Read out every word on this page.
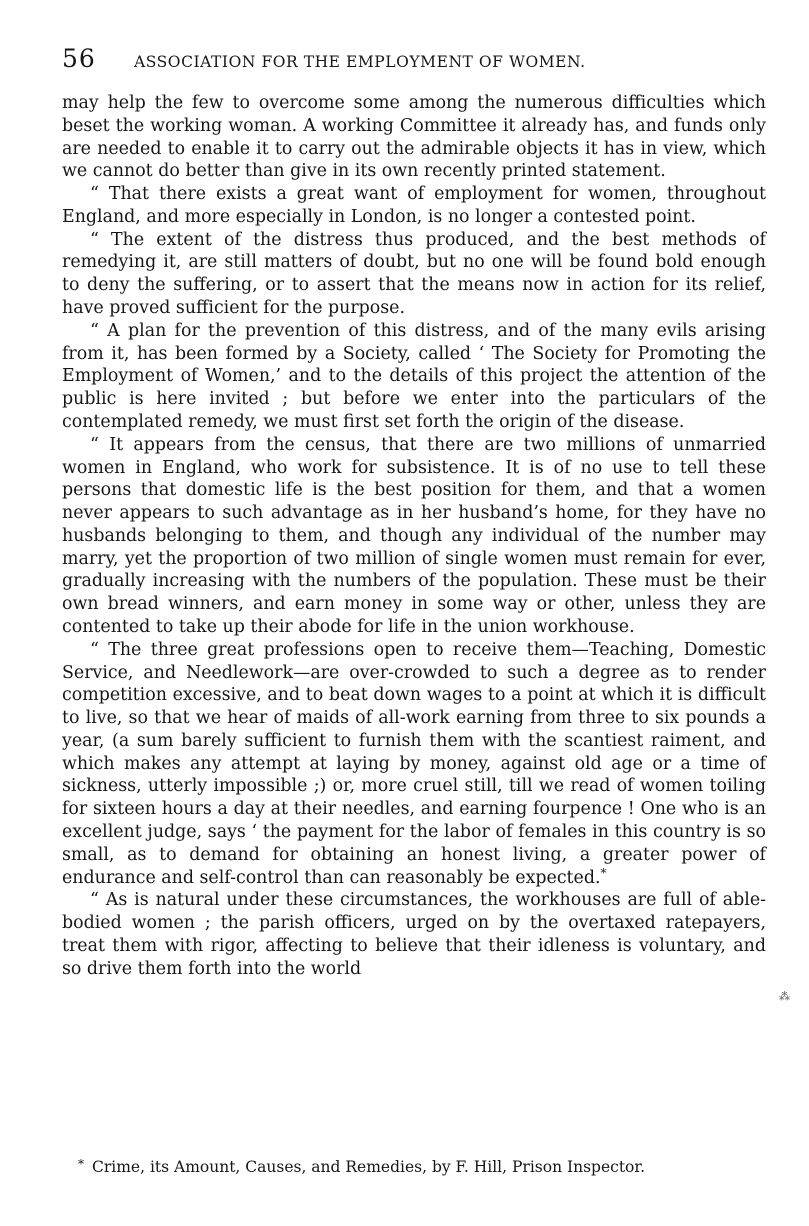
56 ASSOCIATION FOR THE EMPLOYMENT OF WOMEN.

may help the few to overcome some among the numerous difficulties which beset the working woman. A working Committee it already has, and funds only are needed to enable it to carry out the admirable objects it has in view, which we cannot do better than give in its own recently printed statement.

“ That there exists a great want of employment for women, throughout England, and more especially in London, is no longer a contested point.

“ The extent of the distress thus produced, and the best methods of remedying it, are still matters of doubt, but no one will be found bold enough to deny the suffering, or to assert that the means now in action for its relief, have proved sufficient for the purpose.

“ A plan for the prevention of this distress, and of the many evils arising from it, has been formed by a Society, called ‘ The Society for Promoting the Employment of Women,’ and to the details of this project the attention of the public is here invited ; but before we enter into the particulars of the contemplated remedy, we must first set forth the origin of the disease.

“ It appears from the census, that there are two millions of unmarried women in England, who work for subsistence. It is of no use to tell these persons that domestic life is the best position for them, and that a women never appears to such advantage as in her husband’s home, for they have no husbands belonging to them, and though any individual of the number may marry, yet the proportion of two million of single women must remain for ever, gradually increasing with the numbers of the population. These must be their own bread winners, and earn money in some way or other, unless they are contented to take up their abode for life in the union workhouse.

“ The three great professions open to receive them—Teaching, Domestic Service, and Needlework—are over-crowded to such a degree as to render competition excessive, and to beat down wages to a point at which it is difficult to live, so that we hear of maids of all-work earning from three to six pounds a year, (a sum barely sufficient to furnish them with the scantiest raiment, and which makes any attempt at laying by money, against old age or a time of sickness, utterly impossible ;) or, more cruel still, till we read of women toiling for sixteen hours a day at their needles, and earning fourpence ! One who is an excellent judge, says ‘ the payment for the labor of females in this country is so small, as to demand for obtaining an honest living, a greater power of endurance and self-control than can reasonably be expected.*

“ As is natural under these circumstances, the workhouses are full of able-bodied women ; the parish officers, urged on by the overtaxed ratepayers, treat them with rigor, affecting to believe that their idleness is voluntary, and so drive them forth into the world

⁂
* Crime, its Amount, Causes, and Remedies, by F. Hill, Prison Inspector.
